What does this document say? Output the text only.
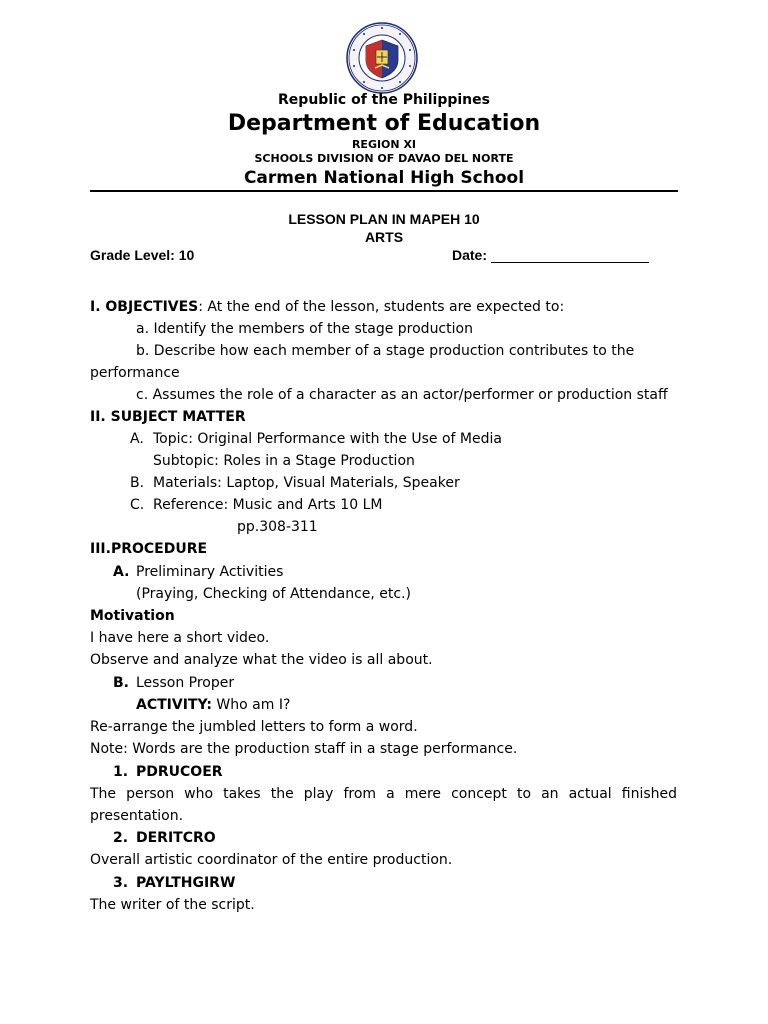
Republic of the Philippines
Department of Education
REGION XI
SCHOOLS DIVISION OF DAVAO DEL NORTE
Carmen National High School
LESSON PLAN IN MAPEH 10
ARTS
Grade Level: 10	Date:
I. OBJECTIVES: At the end of the lesson, students are expected to:
a. Identify the members of the stage production
b. Describe how each member of a stage production contributes to the
performance
c. Assumes the role of a character as an actor/performer or production staff
II. SUBJECT MATTER
A. Topic: Original Performance with the Use of Media
Subtopic: Roles in a Stage Production
B. Materials: Laptop, Visual Materials, Speaker
C. Reference: Music and Arts 10 LM
pp.308-311
III.PROCEDURE
A. Preliminary Activities
(Praying, Checking of Attendance, etc.)
Motivation
I have here a short video.
Observe and analyze what the video is all about.
B. Lesson Proper
ACTIVITY: Who am I?
Re-arrange the jumbled letters to form a word.
Note: Words are the production staff in a stage performance.
1. PDRUCOER
The person who takes the play from a mere concept to an actual finished
presentation.
2. DERITCRO
Overall artistic coordinator of the entire production.
3. PAYLTHGIRW
The writer of the script.
